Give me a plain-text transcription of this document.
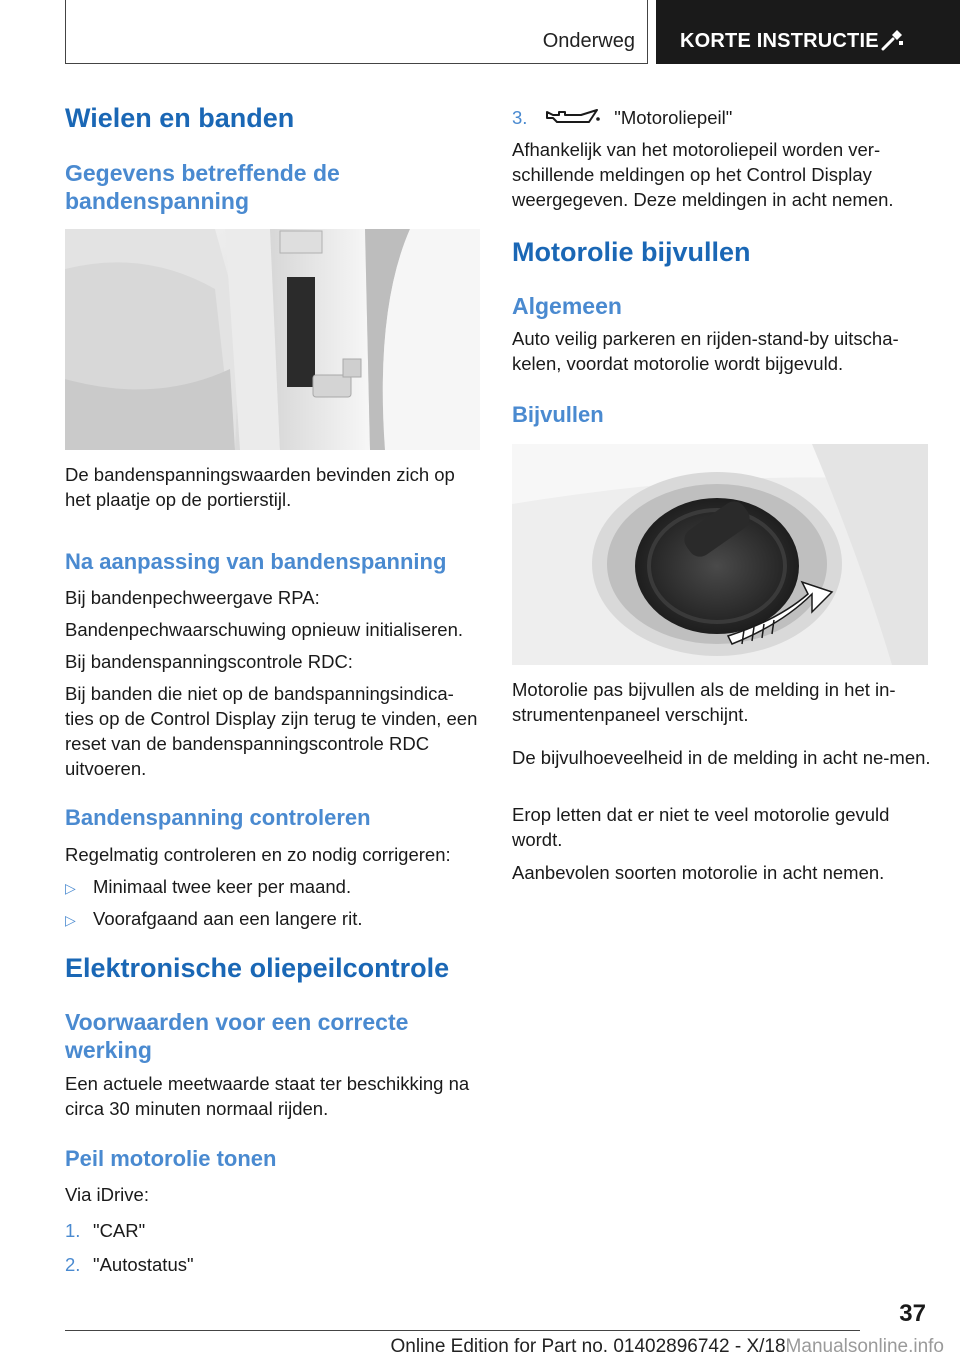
Onderweg KORTE INSTRUCTIE
Wielen en banden
Gegevens betreffende de bandenspanning

De bandenspanningswaarden bevinden zich op het plaatje op de portierstijl.

Na aanpassing van bandenspanning

Bij bandenpechweergave RPA:

Bandenpechwaarschuwing opnieuw initialiseren.

Bij bandenspanningscontrole RDC:

Bij banden die niet op de bandspanningsindica-ties op de Control Display zijn terug te vinden, een reset van de bandenspanningscontrole RDC uitvoeren.

Bandenspanning controleren

Regelmatig controleren en zo nodig corrigeren:

▷ Minimaal twee keer per maand.

▷ Voorafgaand aan een langere rit.

Elektronische oliepeilcontrole
Voorwaarden voor een correcte werking

Een actuele meetwaarde staat ter beschikking na circa 30 minuten normaal rijden.

Peil motorolie tonen

Via iDrive:

1. "CAR"

2. "Autostatus"

3.	"Motoroliepeil"

Afhankelijk van het motoroliepeil worden ver-schillende meldingen op het Control Display weergegeven. Deze meldingen in acht nemen.

Motorolie bijvullen
Algemeen

Auto veilig parkeren en rijden-stand-by uitscha-kelen, voordat motorolie wordt bijgevuld.

Bijvullen

Motorolie pas bijvullen als de melding in het in-strumentenpaneel verschijnt.

De bijvulhoeveelheid in de melding in acht ne-men.

Erop letten dat er niet te veel motorolie gevuld wordt.

Aanbevolen soorten motorolie in acht nemen.

37
Online Edition for Part no. 01402896742 - X/18Manualsonline.info
